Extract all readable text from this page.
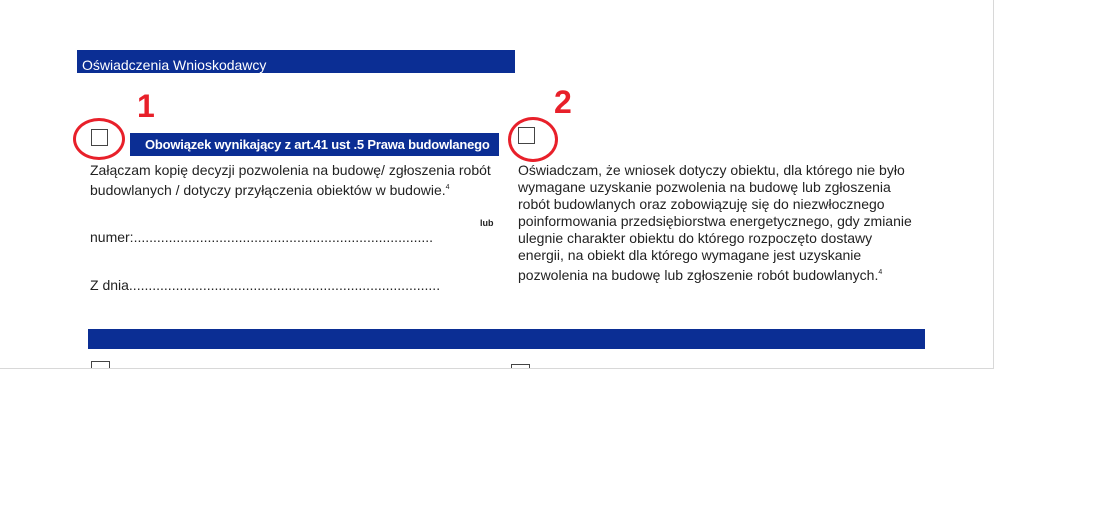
Oświadczenia Wnioskodawcy
1
Obowiązek wynikający z art.41 ust .5 Prawa budowlanego
Załączam kopię decyzji pozwolenia na budowę/ zgłoszenia robót budowlanych / dotyczy przyłączenia obiektów w budowie.$^4$
lub
numer:.............................................................................
Z dnia................................................................................
2
Oświadczam, że wniosek dotyczy obiektu, dla którego nie było wymagane uzyskanie pozwolenia na budowę lub zgłoszenia robót budowlanych oraz zobowiązuję się do niezwłocznego poinformowania przedsiębiorstwa energetycznego, gdy zmianie ulegnie charakter obiektu do którego rozpoczęto dostawy energii, na obiekt dla którego wymagane jest uzyskanie pozwolenia na budowę lub zgłoszenie robót budowlanych.$^4$
